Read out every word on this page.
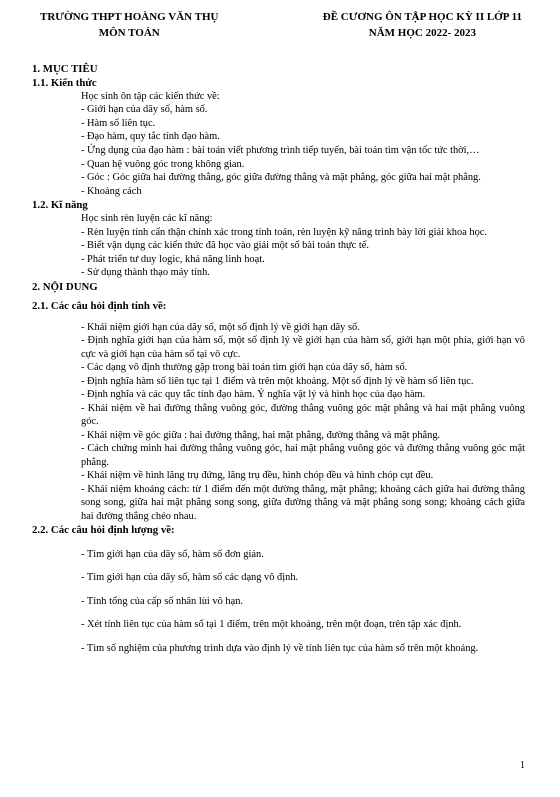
TRƯỜNG THPT HOÀNG VĂN THỤ
MÔN TOÁN
ĐỀ CƯƠNG ÔN TẬP HỌC KỲ II LỚP 11
NĂM HỌC 2022- 2023
1. MỤC TIÊU
1.1. Kiến thức

Học sinh ôn tập các kiến thức về:

- Giới hạn của dãy số, hàm số.

- Hàm số liên tục.

- Đạo hàm, quy tắc tính đạo hàm.

- Ứng dụng của đạo hàm : bài toán viết phương trình tiếp tuyến, bài toán tìm vận tốc tức thời,…

- Quan hệ vuông góc trong không gian.

- Góc : Góc giữa hai đường thẳng, góc giữa đường thẳng và mặt phẳng, góc giữa hai mặt phẳng.

- Khoảng cách

1.2. Kĩ năng

Học sinh rèn luyện các kĩ năng:

- Rèn luyện tính cẩn thận chính xác trong tính toán, rèn luyện kỹ năng trình bày lời giải khoa học.

- Biết vận dụng các kiến thức đã học vào giải một số bài toán thực tế.

- Phát triển tư duy logic, khả năng linh hoạt.

- Sử dụng thành thạo máy tính.

2. NỘI DUNG
2.1. Các câu hỏi định tính về:

- Khái niệm giới hạn của dãy số, một số định lý về giới hạn dãy số.

- Định nghĩa giới hạn của hàm số, một số định lý về giới hạn của hàm số, giới hạn một phía, giới hạn vô cực và giới hạn của hàm số tại vô cực.

- Các dạng vô định thường gặp trong bài toán tìm giới hạn của dãy số, hàm số.

- Định nghĩa hàm số liên tục tại 1 điểm và trên một khoảng. Một số định lý về hàm số liên tục.

- Định nghĩa và các quy tắc tính đạo hàm. Ý nghĩa vật lý và hình học của đạo hàm.

- Khái niệm về hai đường thẳng vuông góc, đường thẳng vuông góc mặt phẳng và hai mặt phẳng vuông góc.

- Khái niệm về góc giữa : hai đường thẳng, hai mặt phẳng, đường thẳng và mặt phẳng.

- Cách chứng minh hai đường thẳng vuông góc, hai mặt phẳng vuông góc và đường thẳng vuông góc mặt phẳng.

- Khái niệm về hình lăng trụ đứng, lăng trụ đều, hình chóp đều và hình chóp cụt đều.

- Khái niệm khoảng cách: từ 1 điểm đến một đường thẳng, mặt phẳng; khoảng cách giữa hai đường thẳng song song, giữa hai mặt phẳng song song, giữa đường thẳng và mặt phẳng song song; khoảng cách giữa hai đường thẳng chéo nhau.

2.2. Các câu hỏi định lượng về:

- Tìm giới hạn của dãy số, hàm số đơn giản.

- Tìm giới hạn của dãy số, hàm số các dạng vô định.

- Tính tổng của cấp số nhân lùi vô hạn.

- Xét tính liên tục của hàm số tại 1 điểm, trên một khoảng, trên một đoạn, trên tập xác định.

- Tìm số nghiệm của phương trình dựa vào định lý về tính liên tục của hàm số trên một khoảng.

1
